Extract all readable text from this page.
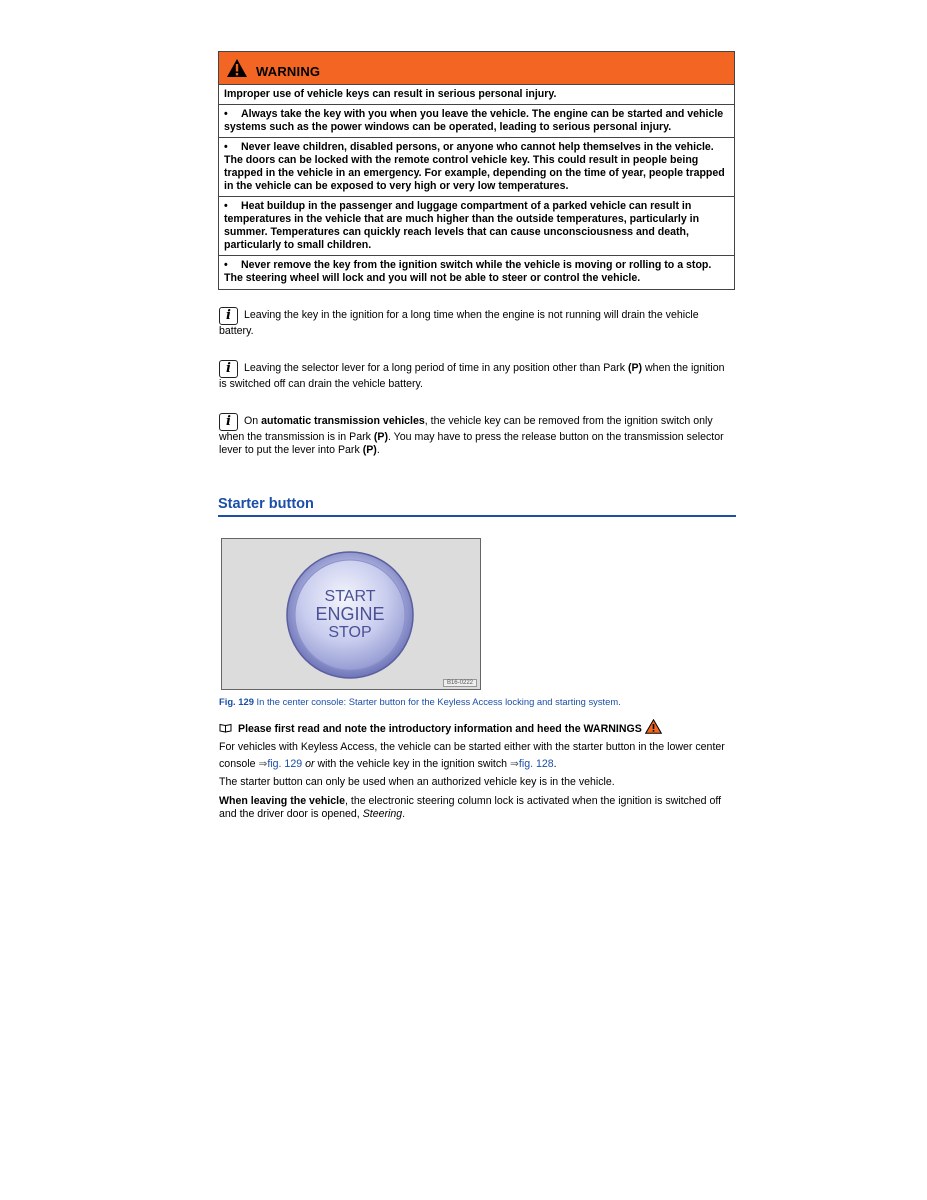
WARNING
Improper use of vehicle keys can result in serious personal injury.
• Always take the key with you when you leave the vehicle. The engine can be started and vehicle systems such as the power windows can be operated, leading to serious personal injury.
• Never leave children, disabled persons, or anyone who cannot help themselves in the vehicle. The doors can be locked with the remote control vehicle key. This could result in people being trapped in the vehicle in an emergency. For example, depending on the time of year, people trapped in the vehicle can be exposed to very high or very low temperatures.
• Heat buildup in the passenger and luggage compartment of a parked vehicle can result in temperatures in the vehicle that are much higher than the outside temperatures, particularly in summer. Temperatures can quickly reach levels that can cause unconsciousness and death, particularly to small children.
• Never remove the key from the ignition switch while the vehicle is moving or rolling to a stop. The steering wheel will lock and you will not be able to steer or control the vehicle.
i Leaving the key in the ignition for a long time when the engine is not running will drain the vehicle battery.
i Leaving the selector lever for a long period of time in any position other than Park (P) when the ignition is switched off can drain the vehicle battery.
i On automatic transmission vehicles, the vehicle key can be removed from the ignition switch only when the transmission is in Park (P). You may have to press the release button on the transmission selector lever to put the lever into Park (P).
Starter button
START
ENGINE
STOP
B16-0222
Fig. 129 In the center console: Starter button for the Keyless Access locking and starting system.
Please first read and note the introductory information and heed the WARNINGS
For vehicles with Keyless Access, the vehicle can be started either with the starter button in the lower center console ⇒fig. 129 or with the vehicle key in the ignition switch ⇒fig. 128.
The starter button can only be used when an authorized vehicle key is in the vehicle.
When leaving the vehicle, the electronic steering column lock is activated when the ignition is switched off and the driver door is opened, Steering.
